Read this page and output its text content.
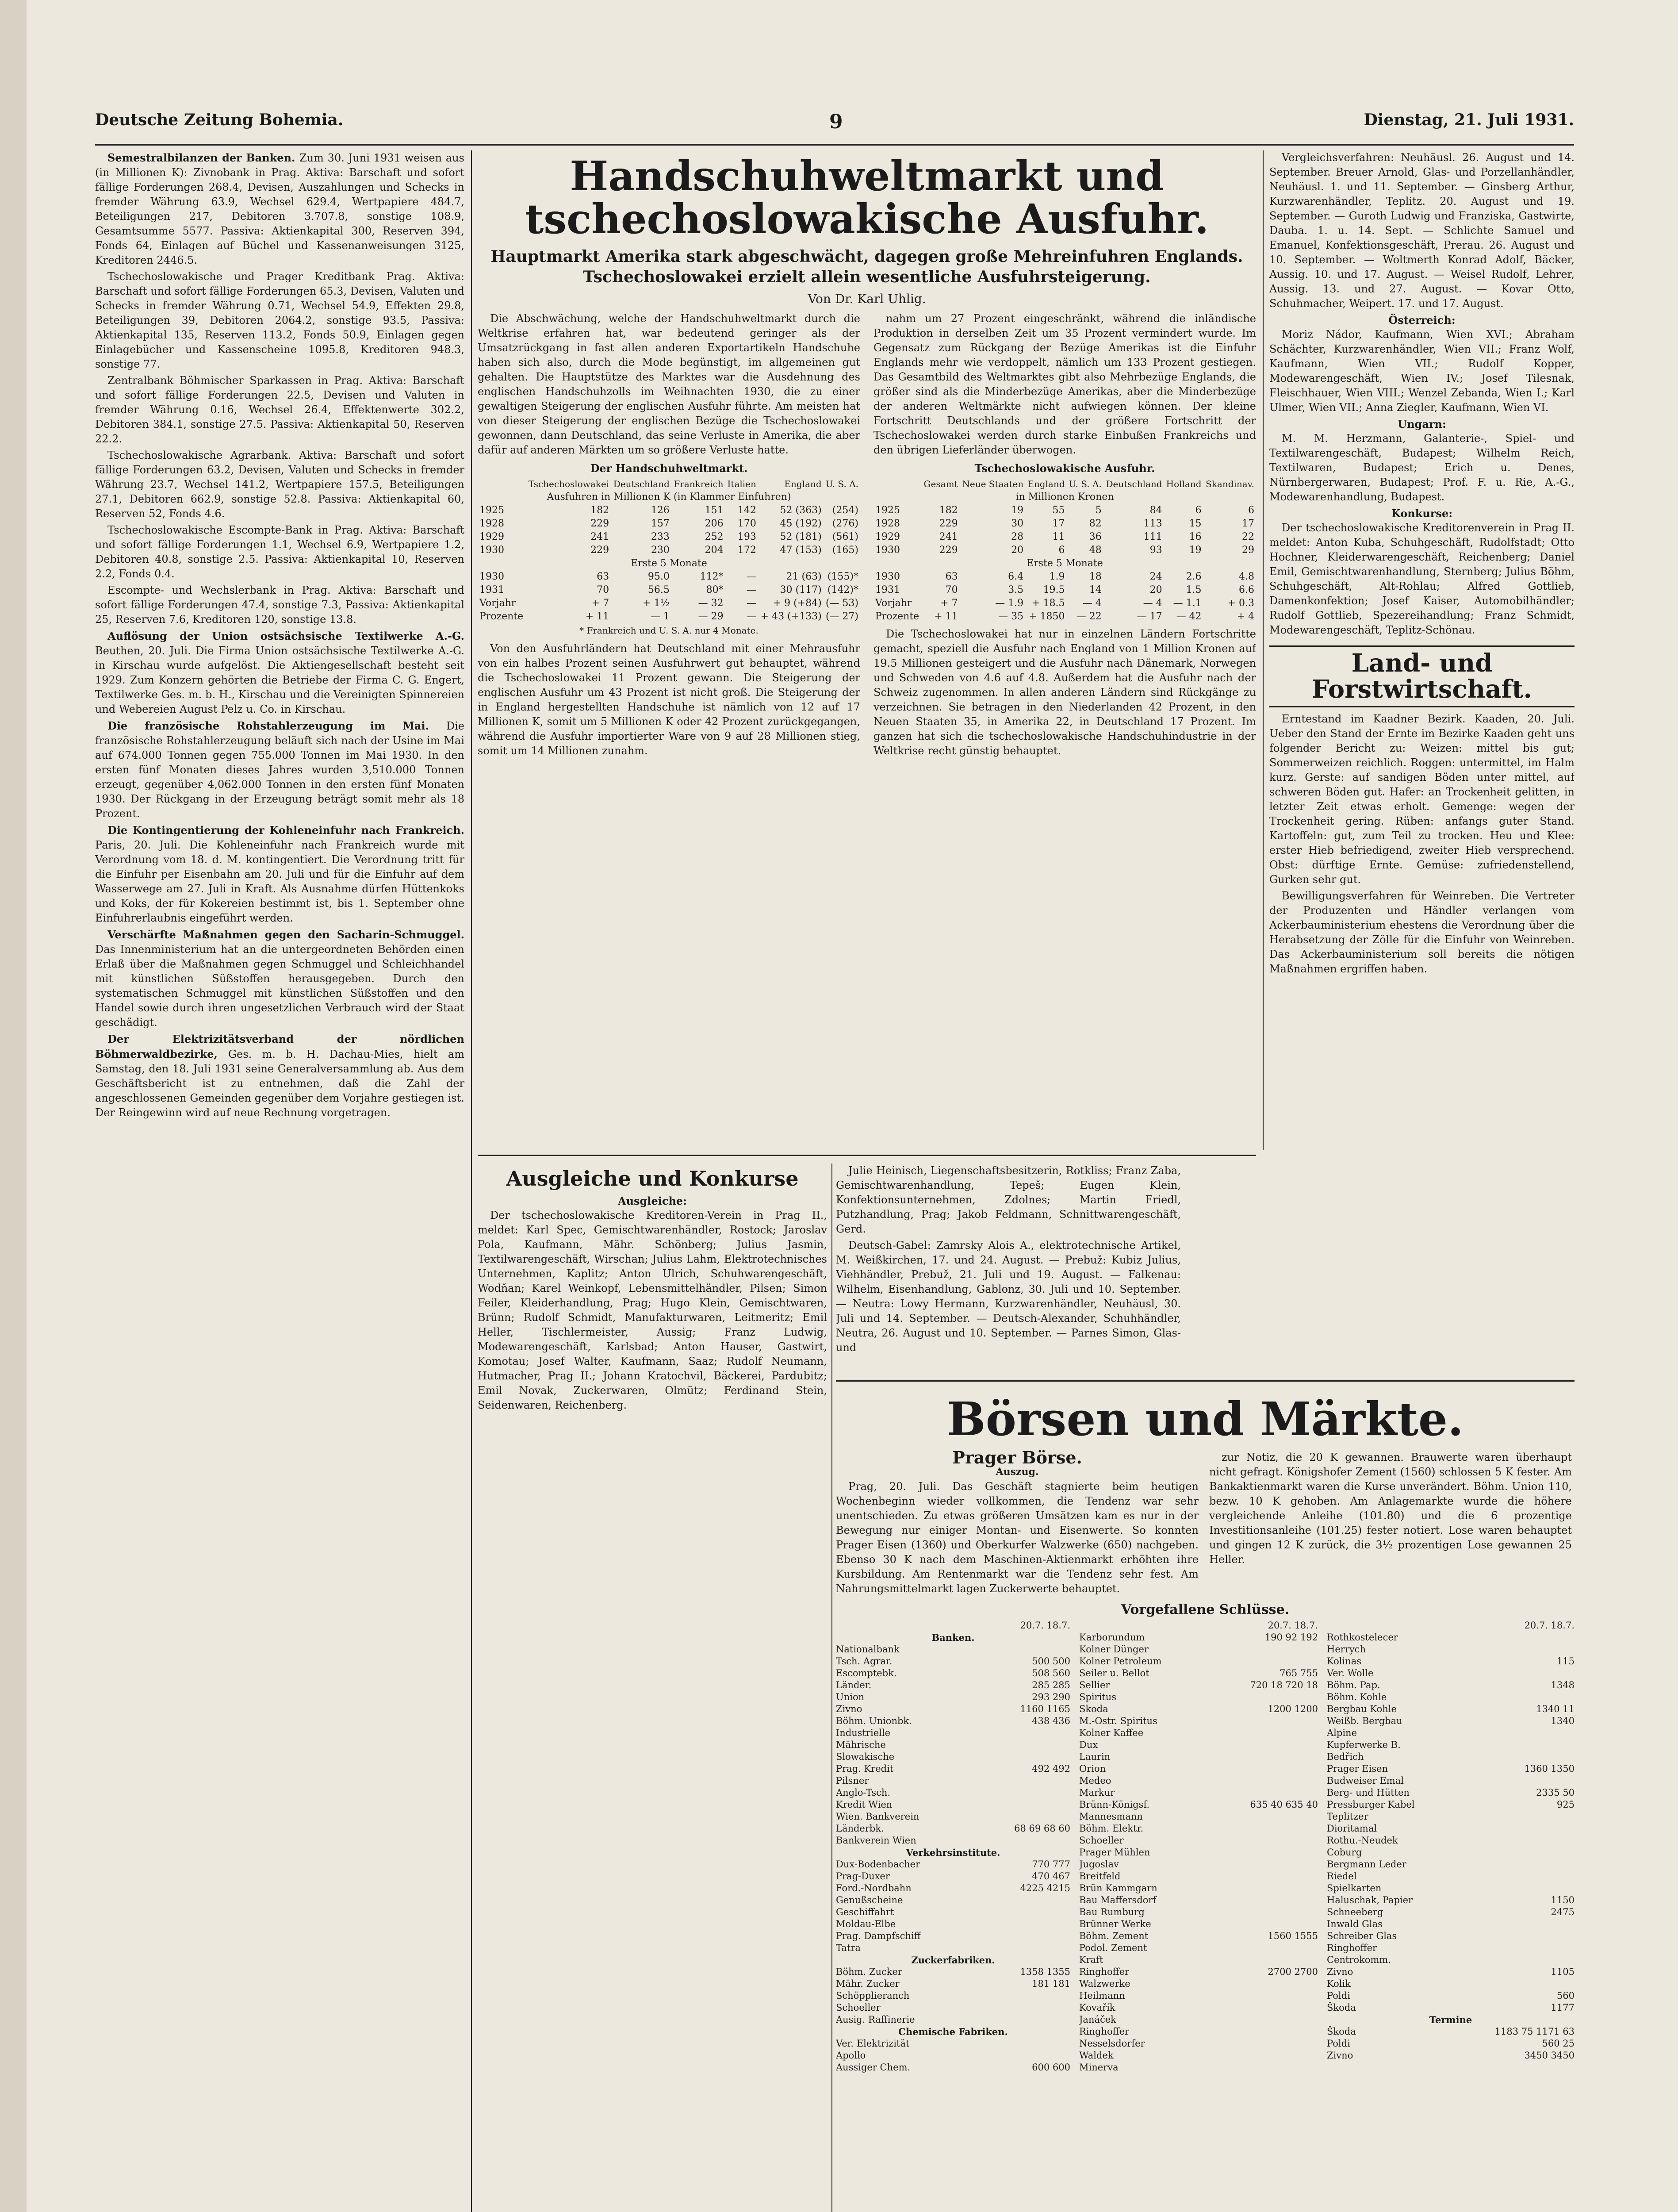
Deutsche Zeitung Bohemia.	9	Dienstag, 21. Juli 1931.

Semestralbilanzen der Banken. Zum 30. Juni 1931 weisen aus (in Millionen K): Zivnobank in Prag. Aktiva: Barschaft und sofort fällige Forderungen 268.4, Devisen, Auszahlungen und Schecks in fremder Währung 63.9, Wechsel 629.4, Wertpapiere 484.7, Beteiligungen 217, Debitoren 3.707.8, sonstige 108.9, Gesamtsumme 5577. Passiva: Aktienkapital 300, Reserven 394, Fonds 64, Einlagen auf Büchel und Kassenanweisungen 3125, Kreditoren 2446.5.

Tschechoslowakische und Prager Kreditbank Prag. Aktiva: Barschaft und sofort fällige Forderungen 65.3, Devisen, Valuten und Schecks in fremder Währung 0.71, Wechsel 54.9, Effekten 29.8, Beteiligungen 39, Debitoren 2064.2, sonstige 93.5, Passiva: Aktienkapital 135, Reserven 113.2, Fonds 50.9, Einlagen gegen Einlagebücher und Kassenscheine 1095.8, Kreditoren 948.3, sonstige 77.

Zentralbank Böhmischer Sparkassen in Prag. Aktiva: Barschaft und sofort fällige Forderungen 22.5, Devisen und Valuten in fremder Währung 0.16, Wechsel 26.4, Effektenwerte 302.2, Debitoren 384.1, sonstige 27.5. Passiva: Aktienkapital 50, Reserven 22.2.

Tschechoslowakische Agrarbank. Aktiva: Barschaft und sofort fällige Forderungen 63.2, Devisen, Valuten und Schecks in fremder Währung 23.7, Wechsel 141.2, Wertpapiere 157.5, Beteiligungen 27.1, Debitoren 662.9, sonstige 52.8. Passiva: Aktienkapital 60, Reserven 52, Fonds 4.6.

Tschechoslowakische Escompte-Bank in Prag. Aktiva: Barschaft und sofort fällige Forderungen 1.1, Wechsel 6.9, Wertpapiere 1.2, Debitoren 40.8, sonstige 2.5. Passiva: Aktienkapital 10, Reserven 2.2, Fonds 0.4.

Escompte- und Wechslerbank in Prag. Aktiva: Barschaft und sofort fällige Forderungen 47.4, sonstige 7.3, Passiva: Aktienkapital 25, Reserven 7.6, Kreditoren 120, sonstige 13.8.

Auflösung der Union ostsächsische Textilwerke A.-G. Beuthen, 20. Juli. Die Firma Union ostsächsische Textilwerke A.-G. in Kirschau wurde aufgelöst. Die Aktiengesellschaft besteht seit 1929. Zum Konzern gehörten die Betriebe der Firma C. G. Engert, Textilwerke Ges. m. b. H., Kirschau und die Vereinigten Spinnereien und Webereien August Pelz u. Co. in Kirschau.

Die französische Rohstahlerzeugung im Mai. Die französische Rohstahlerzeugung beläuft sich nach der Usine im Mai auf 674.000 Tonnen gegen 755.000 Tonnen im Mai 1930. In den ersten fünf Monaten dieses Jahres wurden 3,510.000 Tonnen erzeugt, gegenüber 4,062.000 Tonnen in den ersten fünf Monaten 1930. Der Rückgang in der Erzeugung beträgt somit mehr als 18 Prozent.

Die Kontingentierung der Kohleneinfuhr nach Frankreich. Paris, 20. Juli. Die Kohleneinfuhr nach Frankreich wurde mit Verordnung vom 18. d. M. kontingentiert. Die Verordnung tritt für die Einfuhr per Eisenbahn am 20. Juli und für die Einfuhr auf dem Wasserwege am 27. Juli in Kraft. Als Ausnahme dürfen Hüttenkoks und Koks, der für Kokereien bestimmt ist, bis 1. September ohne Einfuhrerlaubnis eingeführt werden.

Verschärfte Maßnahmen gegen den Sacharin-Schmuggel. Das Innenministerium hat an die untergeordneten Behörden einen Erlaß über die Maßnahmen gegen Schmuggel und Schleichhandel mit künstlichen Süßstoffen herausgegeben. Durch den systematischen Schmuggel mit künstlichen Süßstoffen und den Handel sowie durch ihren ungesetzlichen Verbrauch wird der Staat geschädigt.

Der Elektrizitätsverband der nördlichen Böhmerwaldbezirke, Ges. m. b. H. Dachau-Mies, hielt am Samstag, den 18. Juli 1931 seine Generalversammlung ab. Aus dem Geschäftsbericht ist zu entnehmen, daß die Zahl der angeschlossenen Gemeinden gegenüber dem Vorjahre gestiegen ist. Der Reingewinn wird auf neue Rechnung vorgetragen.

Handschuhweltmarkt und tschechoslowakische Ausfuhr.
Hauptmarkt Amerika stark abgeschwächt, dagegen große Mehreinfuhren Englands. Tschechoslowakei erzielt allein wesentliche Ausfuhrsteigerung.
Von Dr. Karl Uhlig.

Die Abschwächung, welche der Handschuhweltmarkt durch die Weltkrise erfahren hat, war bedeutend geringer als der Umsatzrückgang in fast allen anderen Exportartikeln Handschuhe haben sich also, durch die Mode begünstigt, im allgemeinen gut gehalten. Die Hauptstütze des Marktes war die Ausdehnung des englischen Handschuhzolls im Weihnachten 1930, die zu einer gewaltigen Steigerung der englischen Ausfuhr führte. Am meisten hat von dieser Steigerung der englischen Bezüge die Tschechoslowakei gewonnen, dann Deutschland, das seine Verluste in Amerika, die aber dafür auf anderen Märkten um so größere Verluste hatte.

Der Handschuhweltmarkt.
	Tschechoslowakei	Deutschland	Frankreich	Italien	England	U. S. A.
Ausfuhren in Millionen K (in Klammer Einfuhren)						
1925	182	126	151	142	52 (363)	(254)
1928	229	157	206	170	45 (192)	(276)
1929	241	233	252	193	52 (181)	(561)
1930	229	230	204	172	47 (153)	(165)
Erste 5 Monate						
1930	63	95.0	112*	—	21 (63)	(155)*
1931	70	56.5	80*	—	30 (117)	(142)*
Vorjahr	+ 7	+ 1½	— 32	—	+ 9 (+84)	(— 53)
Prozente	+ 11	— 1	— 29	—	+ 43 (+133)	(— 27)
* Frankreich und U. S. A. nur 4 Monate.

Von den Ausfuhrländern hat Deutschland mit einer Mehrausfuhr von ein halbes Prozent seinen Ausfuhrwert gut behauptet, während die Tschechoslowakei 11 Prozent gewann. Die Steigerung der englischen Ausfuhr um 43 Prozent ist nicht groß. Die Steigerung der in England hergestellten Handschuhe ist nämlich von 12 auf 17 Millionen K, somit um 5 Millionen K oder 42 Prozent zurückgegangen, während die Ausfuhr importierter Ware von 9 auf 28 Millionen stieg, somit um 14 Millionen zunahm.

nahm um 27 Prozent eingeschränkt, während die inländische Produktion in derselben Zeit um 35 Prozent vermindert wurde. Im Gegensatz zum Rückgang der Bezüge Amerikas ist die Einfuhr Englands mehr wie verdoppelt, nämlich um 133 Prozent gestiegen. Das Gesamtbild des Weltmarktes gibt also Mehrbezüge Englands, die größer sind als die Minderbezüge Amerikas, aber die Minderbezüge der anderen Weltmärkte nicht aufwiegen können. Der kleine Fortschritt Deutschlands und der größere Fortschritt der Tschechoslowakei werden durch starke Einbußen Frankreichs und den übrigen Lieferländer überwogen.

Tschechoslowakische Ausfuhr.
	Gesamt	Neue Staaten	England	U. S. A.	Deutschland	Holland	Skandinav.
in Millionen Kronen							
1925	182	19	55	5	84	6	6
1928	229	30	17	82	113	15	17
1929	241	28	11	36	111	16	22
1930	229	20	6	48	93	19	29
Erste 5 Monate							
1930	63	6.4	1.9	18	24	2.6	4.8
1931	70	3.5	19.5	14	20	1.5	6.6
Vorjahr	+ 7	— 1.9	+ 18.5	— 4	— 4	— 1.1	+ 0.3
Prozente	+ 11	— 35	+ 1850	— 22	— 17	— 42	+ 4

Die Tschechoslowakei hat nur in einzelnen Ländern Fortschritte gemacht, speziell die Ausfuhr nach England von 1 Million Kronen auf 19.5 Millionen gesteigert und die Ausfuhr nach Dänemark, Norwegen und Schweden von 4.6 auf 4.8. Außerdem hat die Ausfuhr nach der Schweiz zugenommen. In allen anderen Ländern sind Rückgänge zu verzeichnen. Sie betragen in den Niederlanden 42 Prozent, in den Neuen Staaten 35, in Amerika 22, in Deutschland 17 Prozent. Im ganzen hat sich die tschechoslowakische Handschuhindustrie in der Weltkrise recht günstig behauptet.

Vergleichsverfahren: Neuhäusl. 26. August und 14. September. Breuer Arnold, Glas- und Porzellanhändler, Neuhäusl. 1. und 11. September. — Ginsberg Arthur, Kurzwarenhändler, Teplitz. 20. August und 19. September. — Guroth Ludwig und Franziska, Gastwirte, Dauba. 1. u. 14. Sept. — Schlichte Samuel und Emanuel, Konfektionsgeschäft, Prerau. 26. August und 10. September. — Woltmerth Konrad Adolf, Bäcker, Aussig. 10. und 17. August. — Weisel Rudolf, Lehrer, Aussig. 13. und 27. August. — Kovar Otto, Schuhmacher, Weipert. 17. und 17. August.

Österreich:

Moriz Nádor, Kaufmann, Wien XVI.; Abraham Schächter, Kurzwarenhändler, Wien VII.; Franz Wolf, Kaufmann, Wien VII.; Rudolf Kopper, Modewarengeschäft, Wien IV.; Josef Tilesnak, Fleischhauer, Wien VIII.; Wenzel Zebanda, Wien I.; Karl Ulmer, Wien VII.; Anna Ziegler, Kaufmann, Wien VI.

Ungarn:

M. M. Herzmann, Galanterie-, Spiel- und Textilwarengeschäft, Budapest; Wilhelm Reich, Textilwaren, Budapest; Erich u. Denes, Nürnbergerwaren, Budapest; Prof. F. u. Rie, A.-G., Modewarenhandlung, Budapest.

Konkurse:

Der tschechoslowakische Kreditorenverein in Prag II. meldet: Anton Kuba, Schuhgeschäft, Rudolfstadt; Otto Hochner, Kleiderwarengeschäft, Reichenberg; Daniel Emil, Gemischtwarenhandlung, Sternberg; Julius Böhm, Schuhgeschäft, Alt-Rohlau; Alfred Gottlieb, Damenkonfektion; Josef Kaiser, Automobilhändler; Rudolf Gottlieb, Spezereihandlung; Franz Schmidt, Modewarengeschäft, Teplitz-Schönau.

Land- und Forstwirtschaft.

Erntestand im Kaadner Bezirk. Kaaden, 20. Juli. Ueber den Stand der Ernte im Bezirke Kaaden geht uns folgender Bericht zu: Weizen: mittel bis gut; Sommerweizen reichlich. Roggen: untermittel, im Halm kurz. Gerste: auf sandigen Böden unter mittel, auf schweren Böden gut. Hafer: an Trockenheit gelitten, in letzter Zeit etwas erholt. Gemenge: wegen der Trockenheit gering. Rüben: anfangs guter Stand. Kartoffeln: gut, zum Teil zu trocken. Heu und Klee: erster Hieb befriedigend, zweiter Hieb versprechend. Obst: dürftige Ernte. Gemüse: zufriedenstellend, Gurken sehr gut.

Bewilligungsverfahren für Weinreben. Die Vertreter der Produzenten und Händler verlangen vom Ackerbauministerium ehestens die Verordnung über die Herabsetzung der Zölle für die Einfuhr von Weinreben. Das Ackerbauministerium soll bereits die nötigen Maßnahmen ergriffen haben.

Ausgleiche und Konkurse
Ausgleiche:

Der tschechoslowakische Kreditoren-Verein in Prag II., meldet: Karl Spec, Gemischtwarenhändler, Rostock; Jaroslav Pola, Kaufmann, Mähr. Schönberg; Julius Jasmin, Textilwarengeschäft, Wirschan; Julius Lahm, Elektrotechnisches Unternehmen, Kaplitz; Anton Ulrich, Schuhwarengeschäft, Wodňan; Karel Weinkopf, Lebensmittelhändler, Pilsen; Simon Feiler, Kleiderhandlung, Prag; Hugo Klein, Gemischtwaren, Brünn; Rudolf Schmidt, Manufakturwaren, Leitmeritz; Emil Heller, Tischlermeister, Aussig; Franz Ludwig, Modewarengeschäft, Karlsbad; Anton Hauser, Gastwirt, Komotau; Josef Walter, Kaufmann, Saaz; Rudolf Neumann, Hutmacher, Prag II.; Johann Kratochvil, Bäckerei, Pardubitz; Emil Novak, Zuckerwaren, Olmütz; Ferdinand Stein, Seidenwaren, Reichenberg.

Julie Heinisch, Liegenschaftsbesitzerin, Rotkliss; Franz Zaba, Gemischtwarenhandlung, Tepeš; Eugen Klein, Konfektionsunternehmen, Zdolnes; Martin Friedl, Putzhandlung, Prag; Jakob Feldmann, Schnittwarengeschäft, Gerd.

Deutsch-Gabel: Zamrsky Alois A., elektrotechnische Artikel, M. Weißkirchen, 17. und 24. August. — Prebuž: Kubiz Julius, Viehhändler, Prebuž, 21. Juli und 19. August. — Falkenau: Wilhelm, Eisenhandlung, Gablonz, 30. Juli und 10. September. — Neutra: Lowy Hermann, Kurzwarenhändler, Neuhäusl, 30. Juli und 14. September. — Deutsch-Alexander, Schuhhändler, Neutra, 26. August und 10. September. — Parnes Simon, Glas- und

Börsen und Märkte.
Prager Börse.
Auszug.

Prag, 20. Juli. Das Geschäft stagnierte beim heutigen Wochenbeginn wieder vollkommen, die Tendenz war sehr unentschieden. Zu etwas größeren Umsätzen kam es nur in der Bewegung nur einiger Montan- und Eisenwerte. So konnten Prager Eisen (1360) und Oberkurfer Walzwerke (650) nachgeben. Ebenso 30 K nach dem Maschinen-Aktienmarkt erhöhten ihre Kursbildung. Am Rentenmarkt war die Tendenz sehr fest. Am Nahrungsmittelmarkt lagen Zuckerwerte behauptet.

zur Notiz, die 20 K gewannen. Brauwerte waren überhaupt nicht gefragt. Königshofer Zement (1560) schlossen 5 K fester. Am Bankaktienmarkt waren die Kurse unverändert. Böhm. Union 110, bezw. 10 K gehoben. Am Anlagemarkte wurde die höhere vergleichende Anleihe (101.80) und die 6 prozentige Investitionsanleihe (101.25) fester notiert. Lose waren behauptet und gingen 12 K zurück, die 3½ prozentigen Lose gewannen 25 Heller.

Vorgefallene Schlüsse.
20.7. 18.7.
Banken.
Nationalbank
Tsch. Agrar.	500 500
Escomptebk.	508 560
Länder.	285 285
Union	293 290
Zivno	1160 1165
Böhm. Unionbk.	438 436
Industrielle
Mährische
Slowakische
Prag. Kredit	492 492
Pilsner
Anglo-Tsch.
Kredit Wien
Wien. Bankverein
Länderbk.	68 69 68 60
Bankverein Wien
Verkehrsinstitute.
Dux-Bodenbacher	770 777
Prag-Duxer	470 467
Ford.-Nordbahn	4225 4215
Genußscheine
Geschiffahrt
Moldau-Elbe
Prag. Dampfschiff
Tatra
Zuckerfabriken.
Böhm. Zucker	1358 1355
Mähr. Zucker	181 181
Schöpplieranch
Schoeller
Ausig. Raffinerie
Chemische Fabriken.
Ver. Elektrizität
Apollo
Aussiger Chem.	600 600
20.7. 18.7.
Karborundum	190 92 192
Kolner Dünger
Kolner Petroleum
Seiler u. Bellot	765 755
Sellier	720 18 720 18
Spiritus
Skoda	1200 1200
M.-Ostr. Spiritus
Kolner Kaffee
Dux
Laurin
Orion
Medeo
Markur
Brünn-Königsf.	635 40 635 40
Mannesmann
Böhm. Elektr.
Schoeller
Prager Mühlen
Jugoslav
Breitfeld
Brün Kammgarn
Bau Maffersdorf
Bau Rumburg
Brünner Werke
Böhm. Zement	1560 1555
Podol. Zement
Kraft
Ringhoffer	2700 2700
Walzwerke
Heilmann
Kovařík
Janáček
Ringhoffer
Nesselsdorfer
Waldek
Minerva
20.7. 18.7.
Rothkostelecer
Herrych
Kolinas	115
Ver. Wolle
Böhm. Pap.	1348
Böhm. Kohle
Bergbau Kohle	1340 11
Weißb. Bergbau	1340
Alpine
Kupferwerke B.
Bedřich
Prager Eisen	1360 1350
Budweiser Emal
Berg- und Hütten	2335 50
Pressburger Kabel	925
Teplitzer
Dioritamal
Rothu.-Neudek
Coburg
Bergmann Leder
Riedel
Spielkarten
Haluschak, Papier	1150
Schneeberg	2475
Inwald Glas
Schreiber Glas
Ringhoffer
Centrokomm.
Zivno	1105
Kolik
Poldi	560
Škoda	1177
Termine
Škoda	1183 75 1171 63
Poldi	560 25
Zivno	3450 3450
